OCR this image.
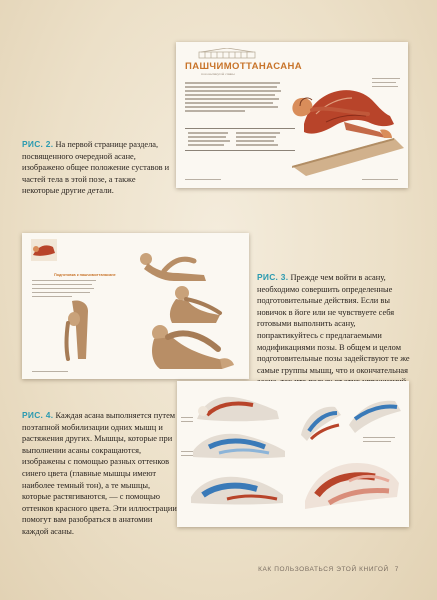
ПАШЧИМОТТАНАСАНА
поза вытянутой спины
РИС. 2. На первой странице раздела, посвященного очередной асане, изображено общее положение суставов и частей тела в этой позе, а также некоторые другие детали.
Подготовка к пашчимоттанасане	РИС. 3. Прежде чем войти в асану, необходимо совершить определенные подготовительные действия. Если вы новичок в йоге или не чувствуете себя готовыми выполнить асану, попрактикуйтесь с предлагаемыми модификациями позы. В общем и целом подготовительные позы задействуют те же самые группы мышц, что и окончательная
РИС. 4. Каждая асана выполняется путем поэтапной мобилизации одних мышц и растяжения других. Мышцы, которые при выполнении асаны сокращаются, изображены с помощью разных оттенков синего цвета (главные мышцы имеют наиболее темный тон), а те мышцы, которые растягиваются, — с помощью оттенков красного цвета. Эти иллюстрации помогут вам разобраться в анатомии каждой асаны.
КАК ПОЛЬЗОВАТЬСЯ ЭТОЙ КНИГОЙ 7
